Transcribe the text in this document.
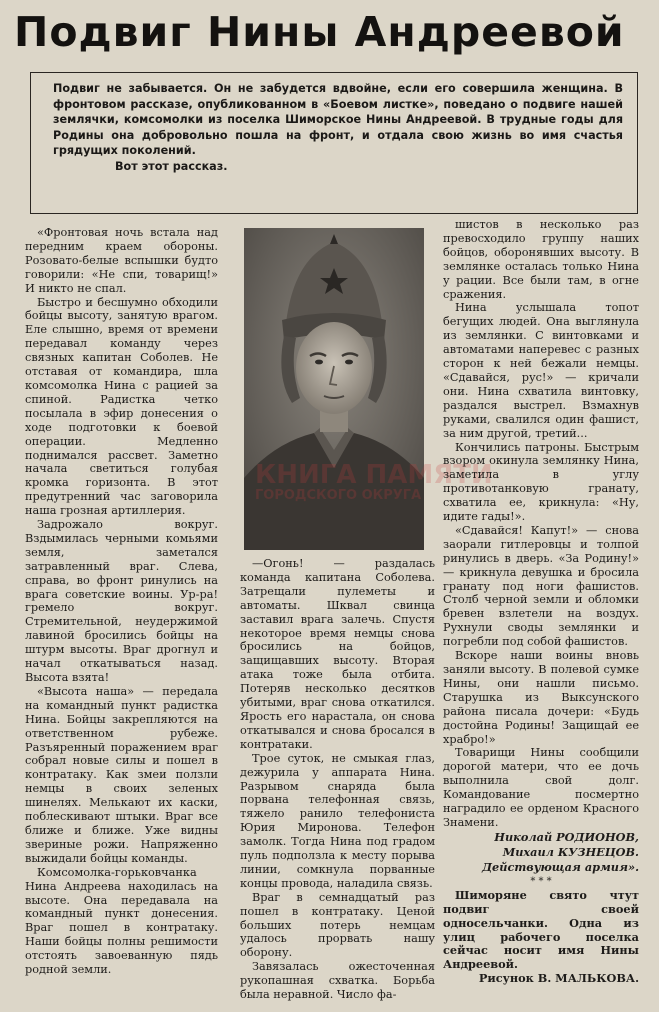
Подвиг Нины Андреевой

Подвиг не забывается. Он не забудется вдвойне, если его совершила женщина. В фронтовом рассказе, опубликованном в «Боевом листке», поведано о подвиге нашей землячки, комсомолки из поселка Шиморское Нины Андреевой. В трудные годы для Родины она добровольно пошла на фронт, и отдала свою жизнь во имя счастья грядущих поколений.

Вот этот рассказ.

«Фронтовая ночь встала над передним краем обороны. Розовато-белые вспышки будто говорили: «Не спи, товарищ!» И никто не спал.

Быстро и бесшумно обходили бойцы высоту, занятую врагом. Еле слышно, время от времени передавал команду через связных капитан Соболев. Не отставая от командира, шла комсомолка Нина с рацией за спиной. Радистка четко посылала в эфир донесения о ходе подготовки к боевой операции. Медленно поднимался рассвет. Заметно начала светиться голубая кромка горизонта. В этот предутренний час заговорила наша грозная артиллерия.

Задрожало вокруг. Вздымилась черными комьями земля, заметался затравленный враг. Слева, справа, во фронт ринулись на врага советские воины. Ур-ра! гремело вокруг. Стремительной, неудержимой лавиной бросились бойцы на штурм высоты. Враг дрогнул и начал откатываться назад. Высота взята!

«Высота наша» — передала на командный пункт радистка Нина. Бойцы закрепляются на ответственном рубеже. Разъяренный поражением враг собрал новые силы и пошел в контратаку. Как змеи ползли немцы в своих зеленых шинелях. Мелькают их каски, поблескивают штыки. Враг все ближе и ближе. Уже видны звериные рожи. Напряженно выжидали бойцы команды.

Комсомолка-горьковчанка Нина Андреева находилась на высоте. Она передавала на командный пункт донесения. Враг пошел в контратаку. Наши бойцы полны решимости отстоять завоеванную пядь родной земли.

КНИГА ПАМЯТИ
ГОРОДСКОГО ОКРУГА

—Огонь! — раздалась команда капитана Соболева. Затрещали пулеметы и автоматы. Шквал свинца заставил врага залечь. Спустя некоторое время немцы снова бросились на бойцов, защищавших высоту. Вторая атака тоже была отбита. Потеряв несколько десятков убитыми, враг снова откатился. Ярость его нарастала, он снова откатывался и снова бросался в контратаки.

Трое суток, не смыкая глаз, дежурила у аппарата Нина. Разрывом снаряда была порвана телефонная связь, тяжело ранило телефониста Юрия Миронова. Телефон замолк. Тогда Нина под градом пуль подползла к месту порыва линии, сомкнула порванные концы провода, наладила связь.

Враг в семнадцатый раз пошел в контратаку. Ценой больших потерь немцам удалось прорвать нашу оборону.

Завязалась ожесточенная рукопашная схватка. Борьба была неравной. Число фа-

шистов в несколько раз превосходило группу наших бойцов, оборонявших высоту. В землянке осталась только Нина у рации. Все были там, в огне сражения.

Нина услышала топот бегущих людей. Она выглянула из землянки. С винтовками и автоматами наперевес с разных сторон к ней бежали немцы. «Сдавайся, рус!» — кричали они. Нина схватила винтовку, раздался выстрел. Взмахнув руками, свалился один фашист, за ним другой, третий...

Кончились патроны. Быстрым взором окинула землянку Нина, заметила в углу противотанковую гранату, схватила ее, крикнула: «Ну, идите гады!».

«Сдавайся! Капут!» — снова заорали гитлеровцы и толпой ринулись в дверь. «За Родину!» — крикнула девушка и бросила гранату под ноги фашистов. Столб черной земли и обломки бревен взлетели на воздух. Рухнули своды землянки и погребли под собой фашистов.

Вскоре наши воины вновь заняли высоту. В полевой сумке Нины, они нашли письмо. Старушка из Выксунского района писала дочери: «Будь достойна Родины! Защищай ее храбро!»

Товарищи Нины сообщили дорогой матери, что ее дочь выполнила свой долг. Командование посмертно наградило ее орденом Красного Знамени.

Николай РОДИОНОВ,
Михаил КУЗНЕЦОВ.
Действующая армия».
* * *

Шиморяне свято чтут подвиг своей односельчанки. Одна из улиц рабочего поселка сейчас носит имя Нины Андреевой.

Рисунок В. МАЛЬКОВА.
